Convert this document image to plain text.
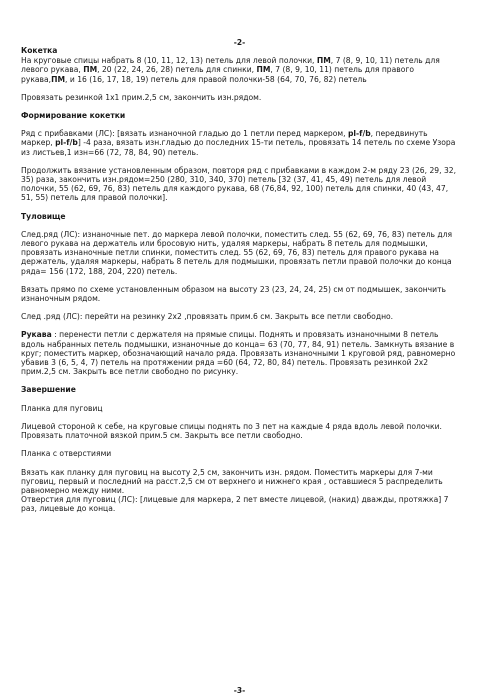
-2-

Кокетка

На круговые спицы набрать 8 (10, 11, 12, 13) петель для левой полочки, ПМ, 7 (8, 9, 10, 11) петель для левого рукава, ПМ, 20 (22, 24, 26, 28) петель для спинки, ПМ, 7 (8, 9, 10, 11) петель для правого рукава,ПМ, и 16 (16, 17, 18, 19) петель для правой полочки-58 (64, 70, 76, 82) петель

Провязать резинкой 1х1 прим.2,5 см, закончить изн.рядом.

Формирование кокетки

Ряд с прибавками (ЛС): [вязать изнаночной гладью до 1 петли перед маркером, pl-f/b, передвинуть маркер, pl-f/b] -4 раза, вязать изн.гладью до последних 15-ти петель, провязать 14 петель по схеме Узора из листьев,1 изн=66 (72, 78, 84, 90) петель.

Продолжить вязание установленным образом, повторя ряд с прибавками в каждом 2-м ряду 23 (26, 29, 32, 35) раза, закончить изн.рядом=250 (280, 310, 340, 370) петель [32 (37, 41, 45, 49) петель для левой полочки, 55 (62, 69, 76, 83) петель для каждого рукава, 68 (76,84, 92, 100) петель для спинки, 40 (43, 47, 51, 55) петель для правой полочки].

Туловище

След.ряд (ЛС): изнаночные пет. до маркера левой полочки, поместить след. 55 (62, 69, 76, 83) петель для левого рукава на держатель или бросовую нить, удаляя маркеры, набрать 8 петель для подмышки, провязать изнаночные петли спинки, поместить след. 55 (62, 69, 76, 83) петель для правого рукава на держатель, удаляя маркеры, набрать 8 петель для подмышки, провязать петли правой полочки до конца ряда= 156 (172, 188, 204, 220) петель.

Вязать прямо по схеме установленным образом на высоту 23 (23, 24, 24, 25) см от подмышек, закончить изнаночным рядом.

След .ряд (ЛС): перейти на резинку 2х2 ,провязать прим.6 см. Закрыть все петли свободно.

Рукава : перенести петли с держателя на прямые спицы. Поднять и провязать изнаночными 8 петель вдоль набранных петель подмышки, изнаночные до конца= 63 (70, 77, 84, 91) петель. Замкнуть вязание в круг; поместить маркер, обозначающий начало ряда. Провязать изнаночными 1 круговой ряд, равномерно убавив 3 (6, 5, 4, 7) петель на протяжении ряда =60 (64, 72, 80, 84) петель. Провязать резинкой 2х2 прим.2,5 см. Закрыть все петли свободно по рисунку.

Завершение

Планка для пуговиц

Лицевой стороной к себе, на круговые спицы поднять по 3 пет на каждые 4 ряда вдоль левой полочки. Провязать платочной вязкой прим.5 см. Закрыть все петли свободно.

Планка с отверстиями

Вязать как планку для пуговиц на высоту 2,5 см, закончить изн. рядом. Поместить маркеры для 7-ми пуговиц, первый и последний на расст.2,5 см от верхнего и нижнего края , оставшиеся 5 распределить равномерно между ними.

Отверстия для пуговиц (ЛС): [лицевые для маркера, 2 пет вместе лицевой, (накид) дважды, протяжка] 7 раз, лицевые до конца.

-3-
